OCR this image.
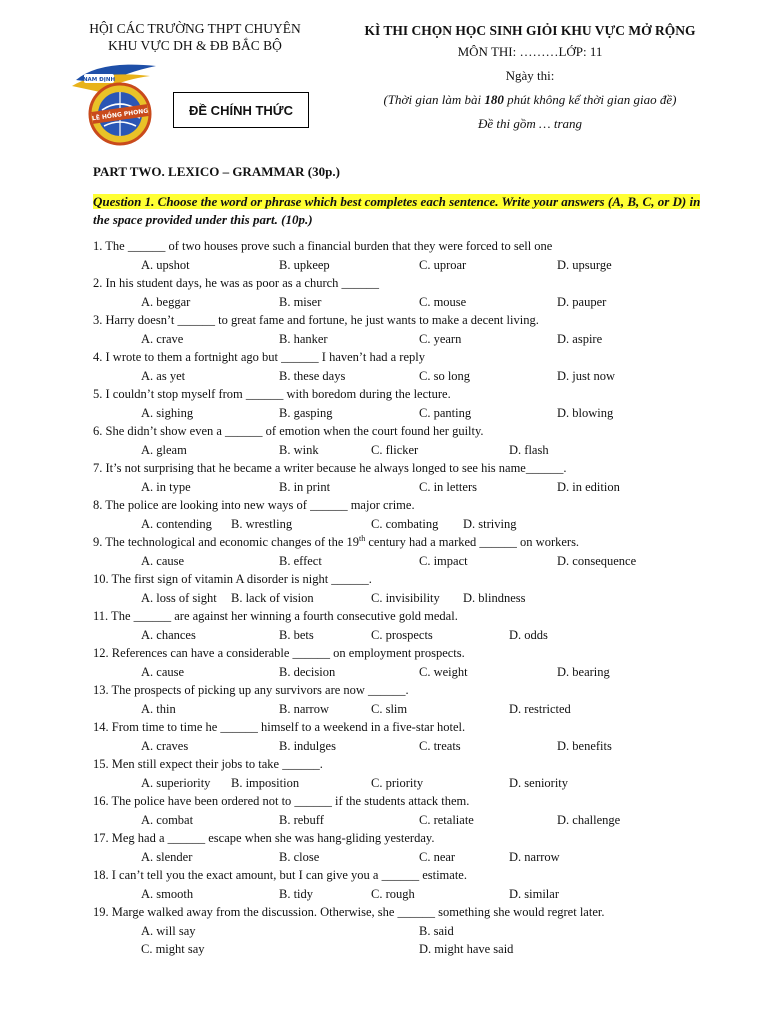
HỘI CÁC TRƯỜNG THPT CHUYÊN
KHU VỰC DH & ĐB BẮC BỘ
NAM ĐỊNH
LÊ HỒNG PHONG	ĐỀ CHÍNH THỨC
KÌ THI CHỌN HỌC SINH GIỎI KHU VỰC MỞ RỘNG
MÔN THI: ………LỚP: 11
Ngày thi:
(Thời gian làm bài 180 phút không kể thời gian giao đề)
Đề thi gồm … trang
PART TWO. LEXICO – GRAMMAR (30p.)
Question 1. Choose the word or phrase which best completes each sentence. Write your answers (A, B, C, or D) in the space provided under this part. (10p.)
1. The ______ of two houses prove such a financial burden that they were forced to sell one
A. upshot	B. upkeep	C. uproar	D. upsurge
2. In his student days, he was as poor as a church ______
A. beggar	B. miser	C. mouse	D. pauper
3. Harry doesn’t ______ to great fame and fortune, he just wants to make a decent living.
A. crave	B. hanker	C. yearn	D. aspire
4. I wrote to them a fortnight ago but ______ I haven’t had a reply
A. as yet	B. these days	C. so long	D. just now
5. I couldn’t stop myself from ______ with boredom during the lecture.
A. sighing	B. gasping	C. panting	D. blowing
6. She didn’t show even a ______ of emotion when the court found her guilty.
A. gleam	B. wink	C. flicker	D. flash
7. It’s not surprising that he became a writer because he always longed to see his name______.
A. in type	B. in print	C. in letters	D. in edition
8. The police are looking into new ways of ______ major crime.
A. contending B. wrestling	C. combating D. striving
9. The technological and economic changes of the 19th century had a marked ______ on workers.
A. cause	B. effect	C. impact	D. consequence
10. The first sign of vitamin A disorder is night ______.
A. loss of sight B. lack of vision	C. invisibility D. blindness
11. The ______ are against her winning a fourth consecutive gold medal.
A. chances	B. bets	C. prospects	D. odds
12. References can have a considerable ______ on employment prospects.
A. cause	B. decision	C. weight	D. bearing
13. The prospects of picking up any survivors are now ______.
A. thin	B. narrow	C. slim	D. restricted
14. From time to time he ______ himself to a weekend in a five-star hotel.
A. craves	B. indulges	C. treats	D. benefits
15. Men still expect their jobs to take ______.
A. superiority B. imposition	C. priority	D. seniority
16. The police have been ordered not to ______ if the students attack them.
A. combat	B. rebuff	C. retaliate	D. challenge
17. Meg had a ______ escape when she was hang-gliding yesterday.
A. slender	B. close	C. near	D. narrow
18. I can’t tell you the exact amount, but I can give you a ______ estimate.
A. smooth	B. tidy	C. rough	D. similar
19. Marge walked away from the discussion. Otherwise, she ______ something she would regret later.
A. will say	B. said
C. might say	D. might have said
